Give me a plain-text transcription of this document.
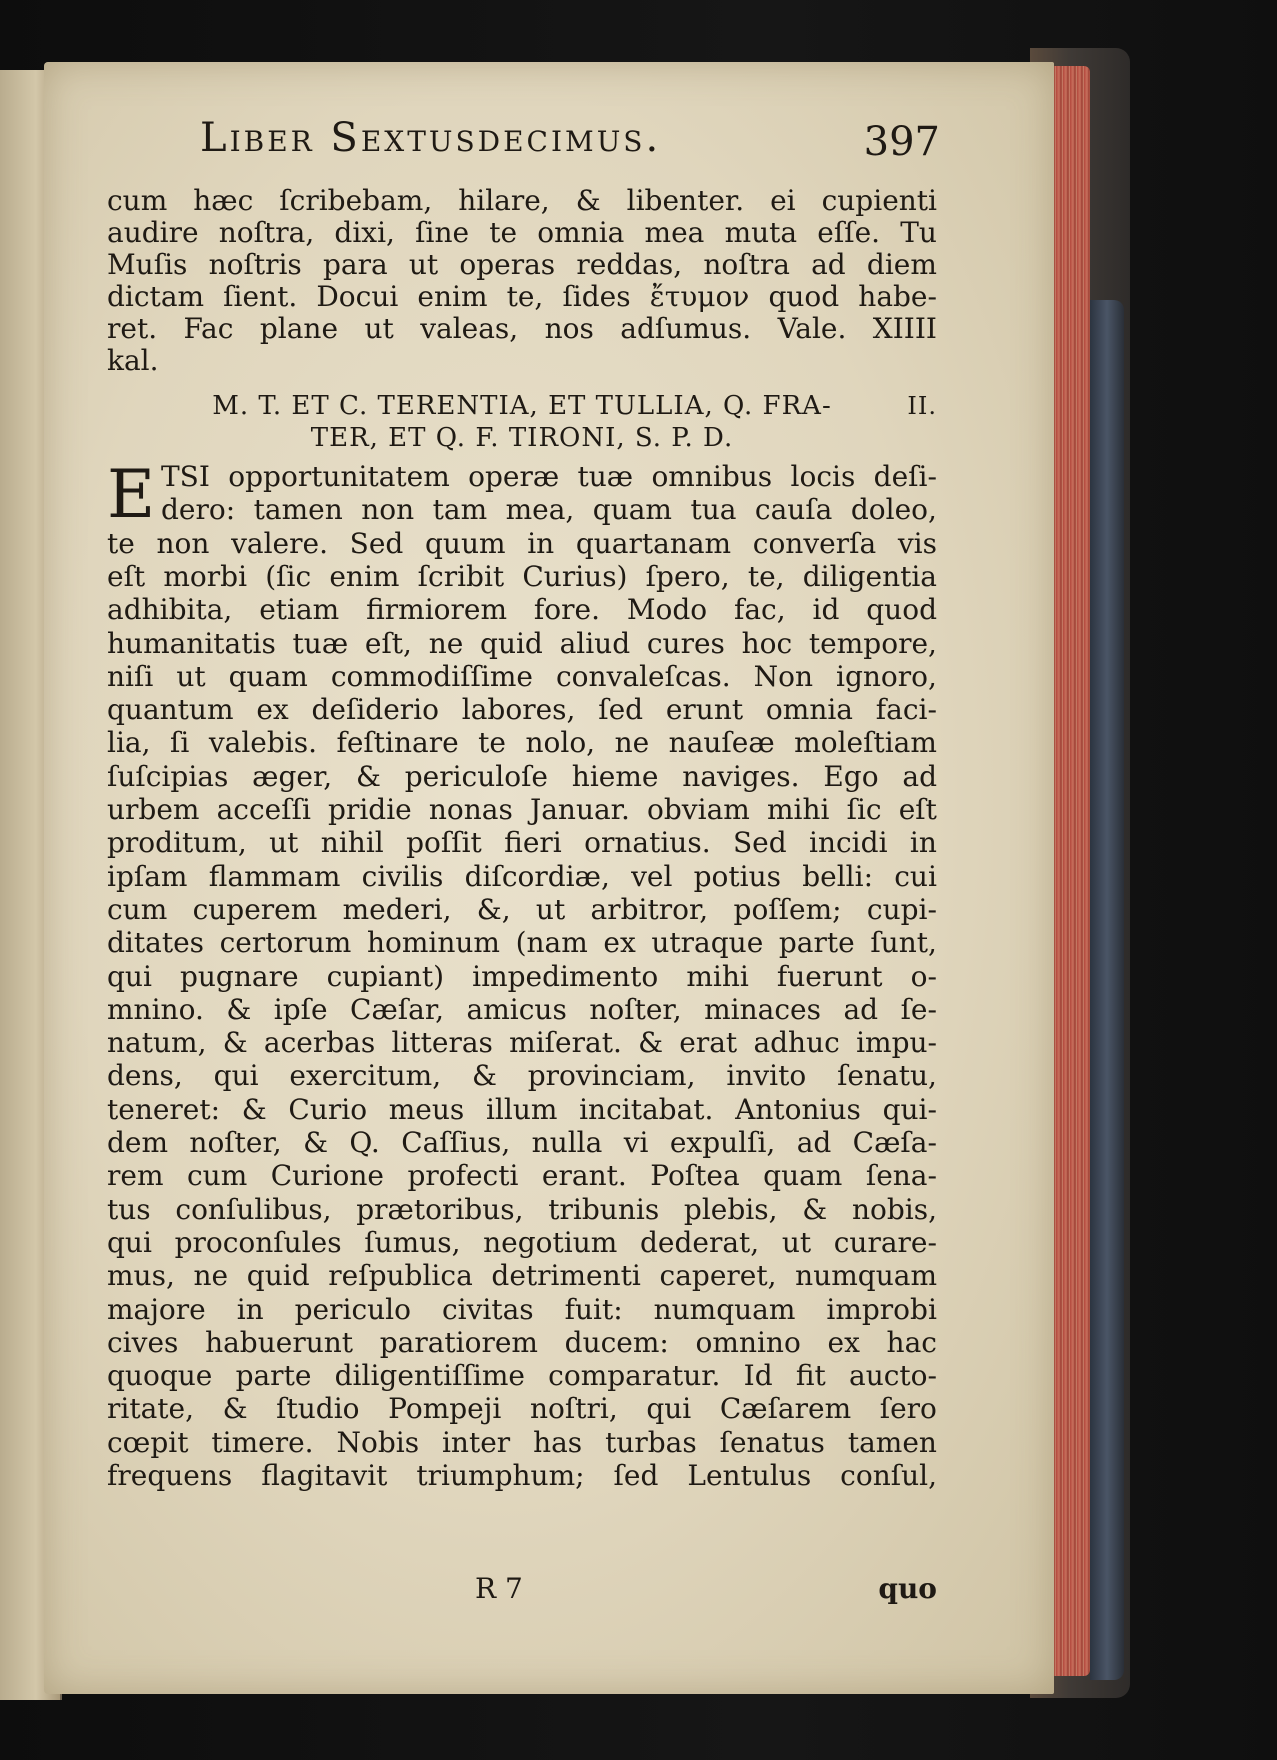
Liber Sextusdecimus.	397
cum hæc ſcribebam, hilare, & libenter. ei cupienti
audire noſtra, dixi, ſine te omnia mea muta eſſe. Tu
Muſis noſtris para ut operas reddas, noſtra ad diem
dictam ſient. Docui enim te, ſides ἔτυμον quod habe-
ret. Fac plane ut valeas, nos adſumus. Vale. XIIII
kal.
M. T. ET C. TERENTIA, ET TULLIA, Q. FRA-	II.
TER, ET Q. F. TIRONI, S. P. D.
E TSI opportunitatem operæ tuæ omnibus locis deſi-
dero: tamen non tam mea, quam tua cauſa doleo,
te non valere. Sed quum in quartanam converſa vis
eſt morbi (ſic enim ſcribit Curius) ſpero, te, diligentia
adhibita, etiam firmiorem fore. Modo fac, id quod
humanitatis tuæ eſt, ne quid aliud cures hoc tempore,
niſi ut quam commodiſſime convaleſcas. Non ignoro,
quantum ex deſiderio labores, ſed erunt omnia faci-
lia, ſi valebis. feſtinare te nolo, ne nauſeæ moleſtiam
ſuſcipias æger, & periculoſe hieme naviges. Ego ad
urbem acceſſi pridie nonas Januar. obviam mihi ſic eſt
proditum, ut nihil poſſit fieri ornatius. Sed incidi in
ipſam flammam civilis diſcordiæ, vel potius belli: cui
cum cuperem mederi, &, ut arbitror, poſſem; cupi-
ditates certorum hominum (nam ex utraque parte ſunt,
qui pugnare cupiant) impedimento mihi fuerunt o-
mnino. & ipſe Cæſar, amicus noſter, minaces ad ſe-
natum, & acerbas litteras miſerat. & erat adhuc impu-
dens, qui exercitum, & provinciam, invito ſenatu,
teneret: & Curio meus illum incitabat. Antonius qui-
dem noſter, & Q. Caſſius, nulla vi expulſi, ad Cæſa-
rem cum Curione profecti erant. Poſtea quam ſena-
tus conſulibus, prætoribus, tribunis plebis, & nobis,
qui proconſules ſumus, negotium dederat, ut curare-
mus, ne quid reſpublica detrimenti caperet, numquam
majore in periculo civitas fuit: numquam improbi
cives habuerunt paratiorem ducem: omnino ex hac
quoque parte diligentiſſime comparatur. Id fit aucto-
ritate, & ſtudio Pompeji noſtri, qui Cæſarem ſero
cœpit timere. Nobis inter has turbas ſenatus tamen
frequens flagitavit triumphum; ſed Lentulus conſul,
R 7	quo
